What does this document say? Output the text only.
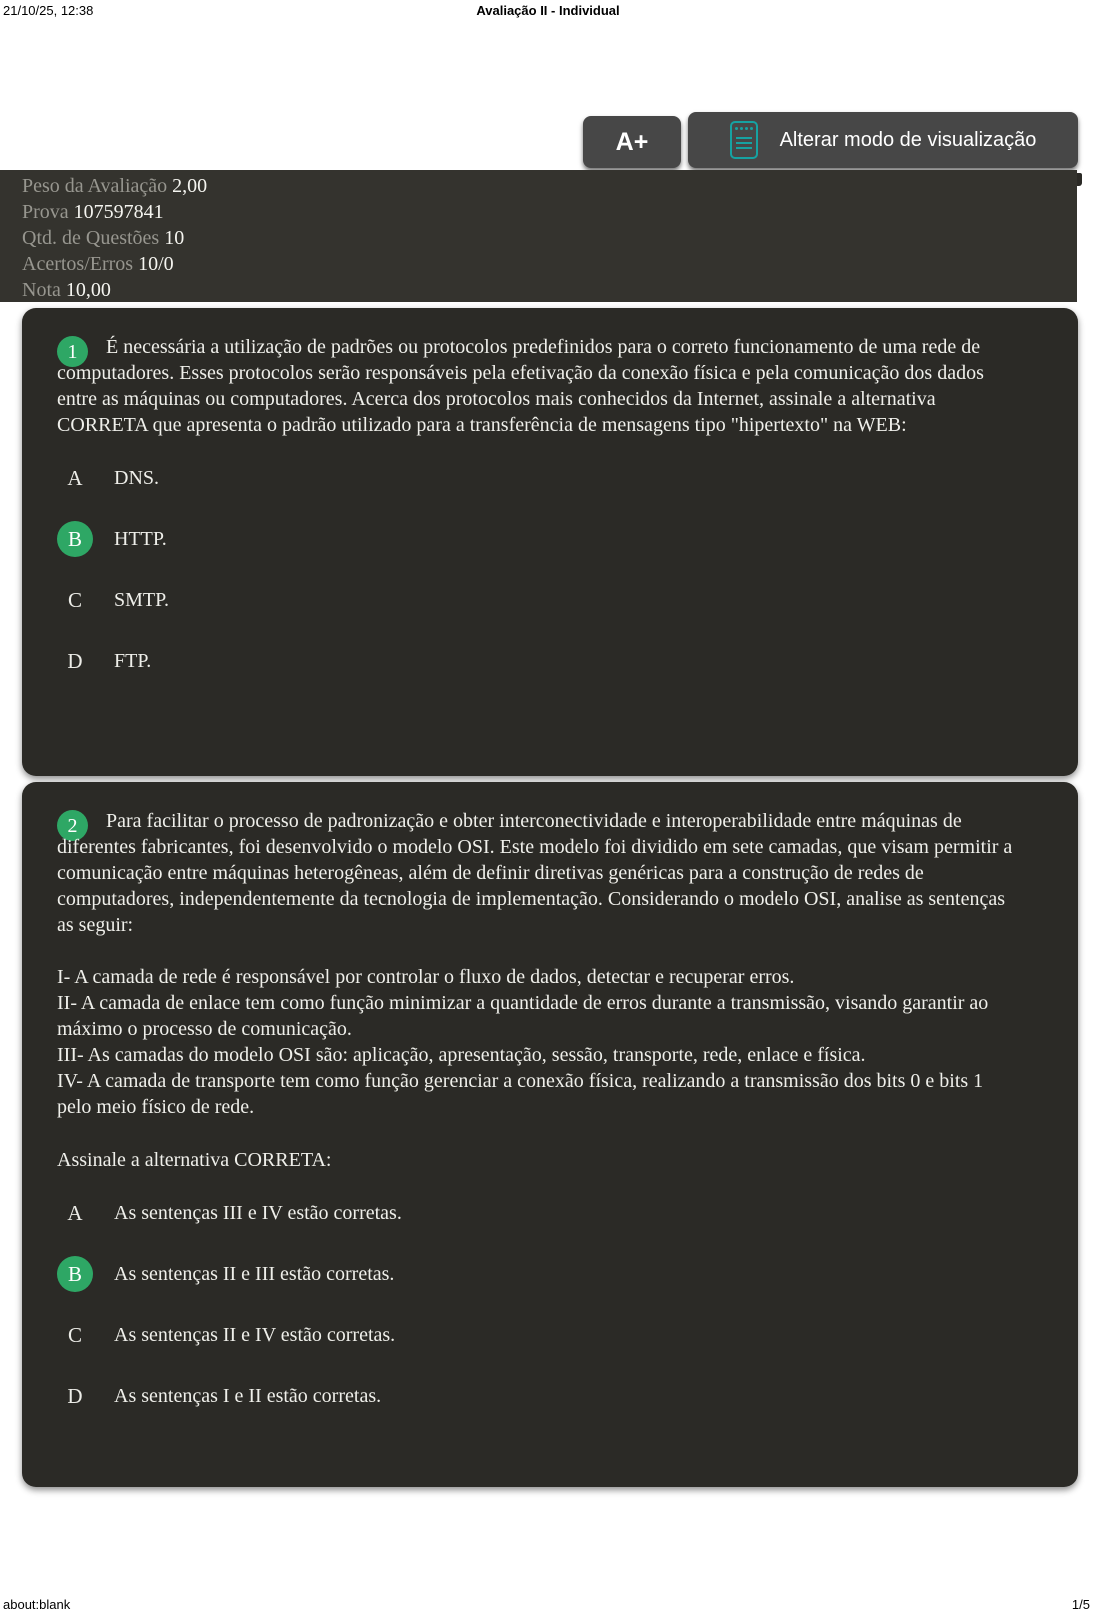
21/10/25, 12:38	Avaliação II - Individual
A+	Alterar modo de visualização
Peso da Avaliação 2,00
Prova 107597841
Qtd. de Questões 10
Acertos/Erros 10/0
Nota 10,00
1	É necessária a utilização de padrões ou protocolos predefinidos para o correto funcionamento de uma rede de computadores. Esses protocolos serão responsáveis pela efetivação da conexão física e pela comunicação dos dados entre as máquinas ou computadores. Acerca dos protocolos mais conhecidos da Internet, assinale a alternativa CORRETA que apresenta o padrão utilizado para a transferência de mensagens tipo "hipertexto" na WEB:
A	DNS.
B	HTTP.
C	SMTP.
D	FTP.
2	Para facilitar o processo de padronização e obter interconectividade e interoperabilidade entre máquinas de diferentes fabricantes, foi desenvolvido o modelo OSI. Este modelo foi dividido em sete camadas, que visam permitir a comunicação entre máquinas heterogêneas, além de definir diretivas genéricas para a construção de redes de computadores, independentemente da tecnologia de implementação. Considerando o modelo OSI, analise as sentenças as seguir:
I- A camada de rede é responsável por controlar o fluxo de dados, detectar e recuperar erros.
II- A camada de enlace tem como função minimizar a quantidade de erros durante a transmissão, visando garantir ao máximo o processo de comunicação.
III- As camadas do modelo OSI são: aplicação, apresentação, sessão, transporte, rede, enlace e física.
IV- A camada de transporte tem como função gerenciar a conexão física, realizando a transmissão dos bits 0 e bits 1 pelo meio físico de rede.
Assinale a alternativa CORRETA:
A	As sentenças III e IV estão corretas.
B	As sentenças II e III estão corretas.
C	As sentenças II e IV estão corretas.
D	As sentenças I e II estão corretas.
about:blank	1/5
